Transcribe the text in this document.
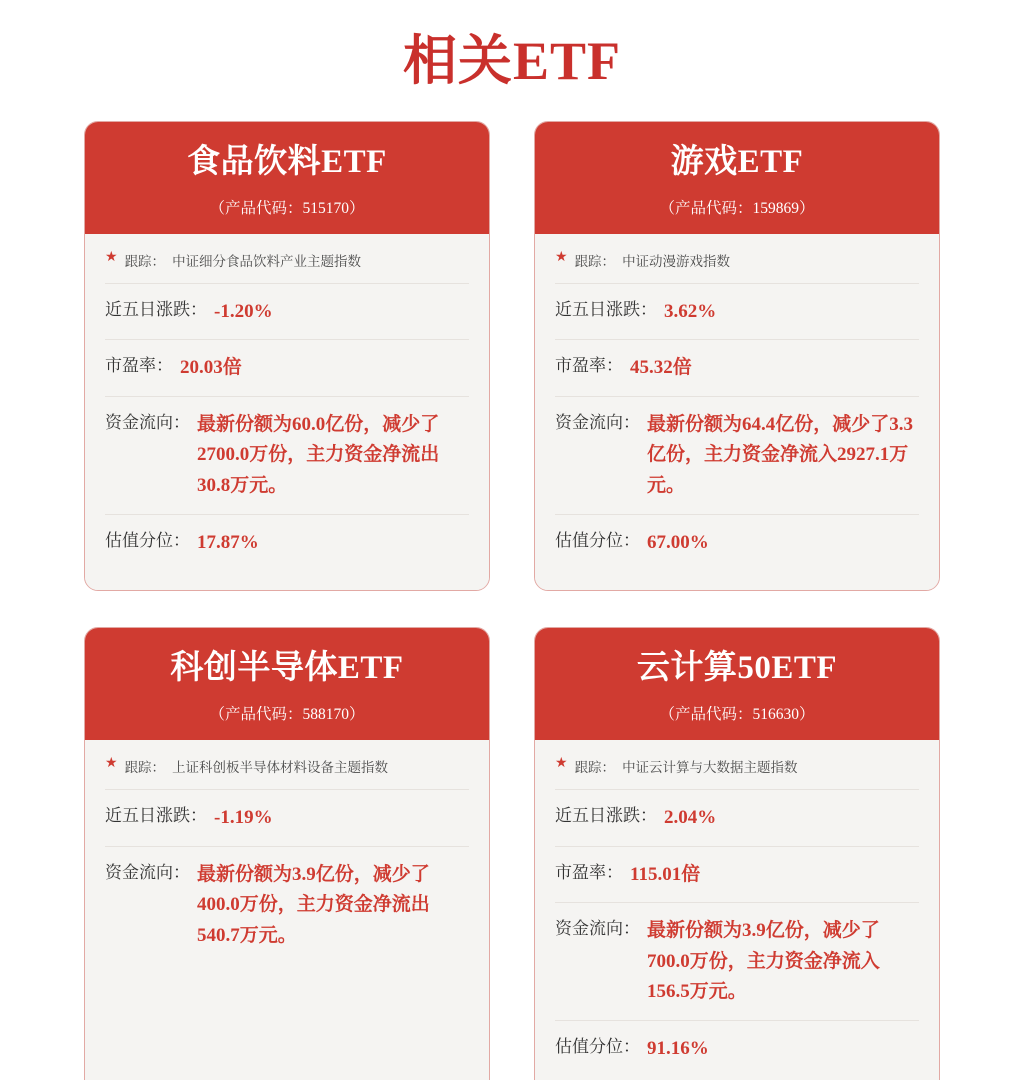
相关ETF
食品饮料ETF
（产品代码：515170）
★ 跟踪： 中证细分食品饮料产业主题指数
近五日涨跌： -1.20%
市盈率： 20.03倍
资金流向： 最新份额为60.0亿份，减少了2700.0万份，主力资金净流出30.8万元。
估值分位： 17.87%
游戏ETF
（产品代码：159869）
★ 跟踪： 中证动漫游戏指数
近五日涨跌： 3.62%
市盈率： 45.32倍
资金流向： 最新份额为64.4亿份，减少了3.3亿份，主力资金净流入2927.1万元。
估值分位： 67.00%
科创半导体ETF
（产品代码：588170）
★ 跟踪： 上证科创板半导体材料设备主题指数
近五日涨跌： -1.19%
资金流向： 最新份额为3.9亿份，减少了400.0万份，主力资金净流出540.7万元。
云计算50ETF
（产品代码：516630）
★ 跟踪： 中证云计算与大数据主题指数
近五日涨跌： 2.04%
市盈率： 115.01倍
资金流向： 最新份额为3.9亿份，减少了700.0万份，主力资金净流入156.5万元。
估值分位： 91.16%
